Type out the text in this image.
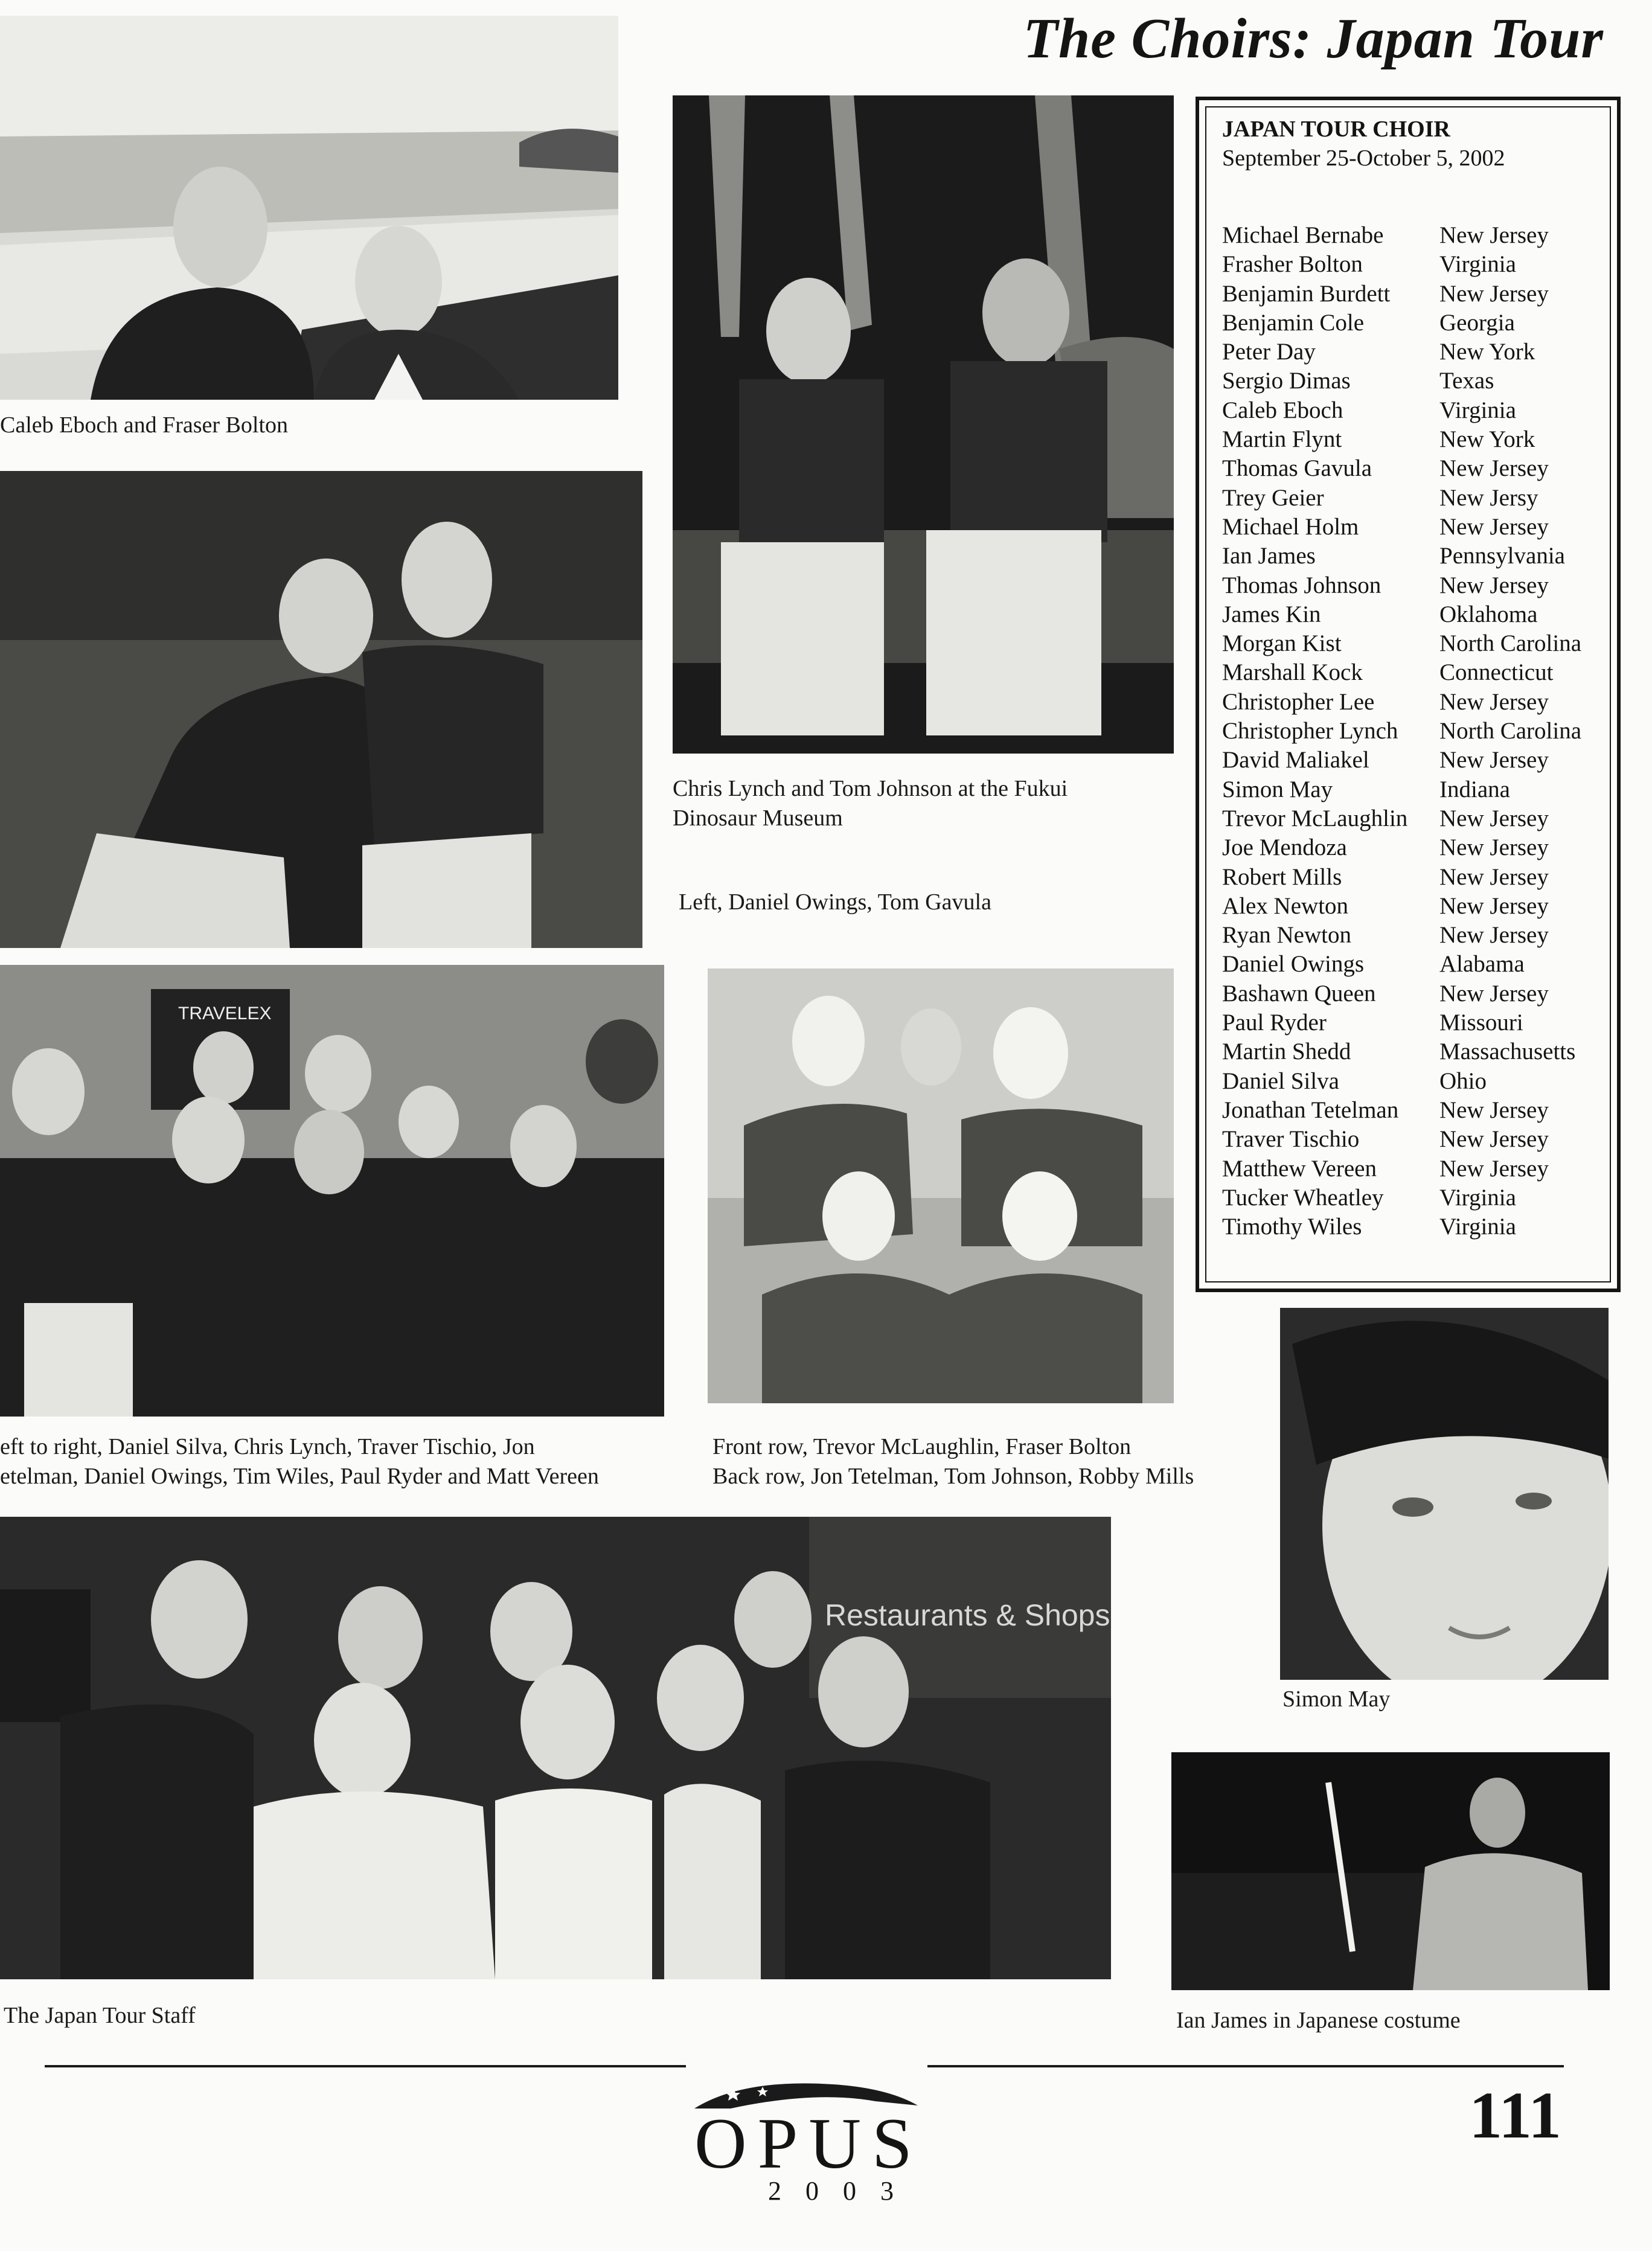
The Choirs: Japan Tour
Caleb Eboch and Fraser Bolton
Chris Lynch and Tom Johnson at the Fukui
Dinosaur Museum
Left, Daniel Owings, Tom Gavula
TRAVELEX
eft to right, Daniel Silva, Chris Lynch, Traver Tischio, Jon
etelman, Daniel Owings, Tim Wiles, Paul Ryder and Matt Vereen
Front row, Trevor McLaughlin, Fraser Bolton
Back row, Jon Tetelman, Tom Johnson, Robby Mills
JAPAN TOUR CHOIR
September 25-October 5, 2002
Michael Bernabe New Jersey
Frasher Bolton	Virginia
Benjamin Burdett New Jersey
Benjamin Cole	Georgia
Peter Day	New York
Sergio Dimas	Texas
Caleb Eboch	Virginia
Martin Flynt	New York
Thomas Gavula	New Jersey
Trey Geier	New Jersy
Michael Holm	New Jersey
Ian James	Pennsylvania
Thomas Johnson New Jersey
James Kin	Oklahoma
Morgan Kist	North Carolina
Marshall Kock	Connecticut
Christopher Lee	New Jersey
Christopher Lynch North Carolina
David Maliakel	New Jersey
Simon May	Indiana
Trevor McLaughlin New Jersey
Joe Mendoza	New Jersey
Robert Mills	New Jersey
Alex Newton	New Jersey
Ryan Newton	New Jersey
Daniel Owings	Alabama
Bashawn Queen	New Jersey
Paul Ryder	Missouri
Martin Shedd	Massachusetts
Daniel Silva	Ohio
Jonathan Tetelman New Jersey
Traver Tischio	New Jersey
Matthew Vereen	New Jersey
Tucker Wheatley Virginia
Timothy Wiles	Virginia
Simon May
Restaurants & Shops
The Japan Tour Staff	Ian James in Japanese costume
OPUS
2003
111
